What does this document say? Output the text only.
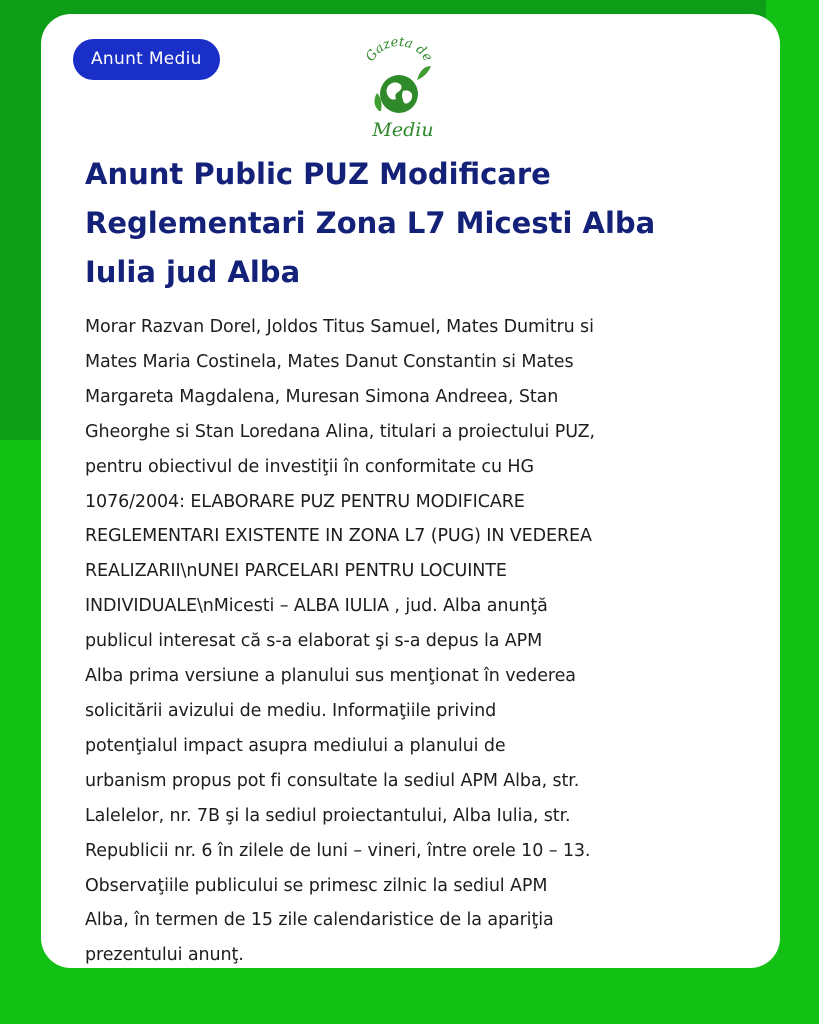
Anunt Mediu	Gazeta de
Mediu
Anunt Public PUZ Modificare
Reglementari Zona L7 Micesti Alba
Iulia jud Alba
Morar Razvan Dorel, Joldos Titus Samuel, Mates Dumitru si
Mates Maria Costinela, Mates Danut Constantin si Mates
Margareta Magdalena, Muresan Simona Andreea, Stan
Gheorghe si Stan Loredana Alina, titulari a proiectului PUZ,
pentru obiectivul de investiţii în conformitate cu HG
1076/2004: ELABORARE PUZ PENTRU MODIFICARE
REGLEMENTARI EXISTENTE IN ZONA L7 (PUG) IN VEDEREA
REALIZARII\nUNEI PARCELARI PENTRU LOCUINTE
INDIVIDUALE\nMicesti – ALBA IULIA , jud. Alba anunţă
publicul interesat că s-a elaborat şi s-a depus la APM
Alba prima versiune a planului sus menţionat în vederea
solicitării avizului de mediu. Informaţiile privind
potenţialul impact asupra mediului a planului de
urbanism propus pot fi consultate la sediul APM Alba, str.
Lalelelor, nr. 7B şi la sediul proiectantului, Alba Iulia, str.
Republicii nr. 6 în zilele de luni – vineri, între orele 10 – 13.
Observaţiile publicului se primesc zilnic la sediul APM
Alba, în termen de 15 zile calendaristice de la apariţia
prezentului anunţ.
